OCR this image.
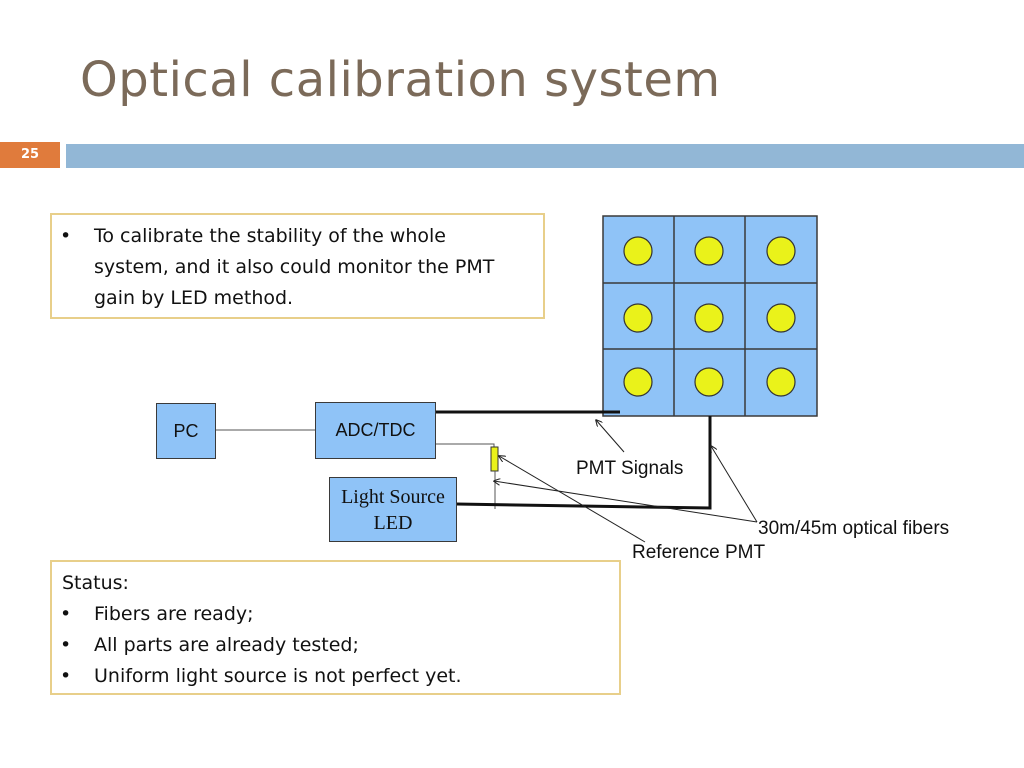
Optical calibration system
25
• To calibrate the stability of the whole
system, and it also could monitor the PMT
gain by LED method.
PC	ADC/TDC
Light Source
LED
PMT Signals
30m/45m optical fibers
Reference PMT
Status:
• Fibers are ready;
• All parts are already tested;
• Uniform light source is not perfect yet.
